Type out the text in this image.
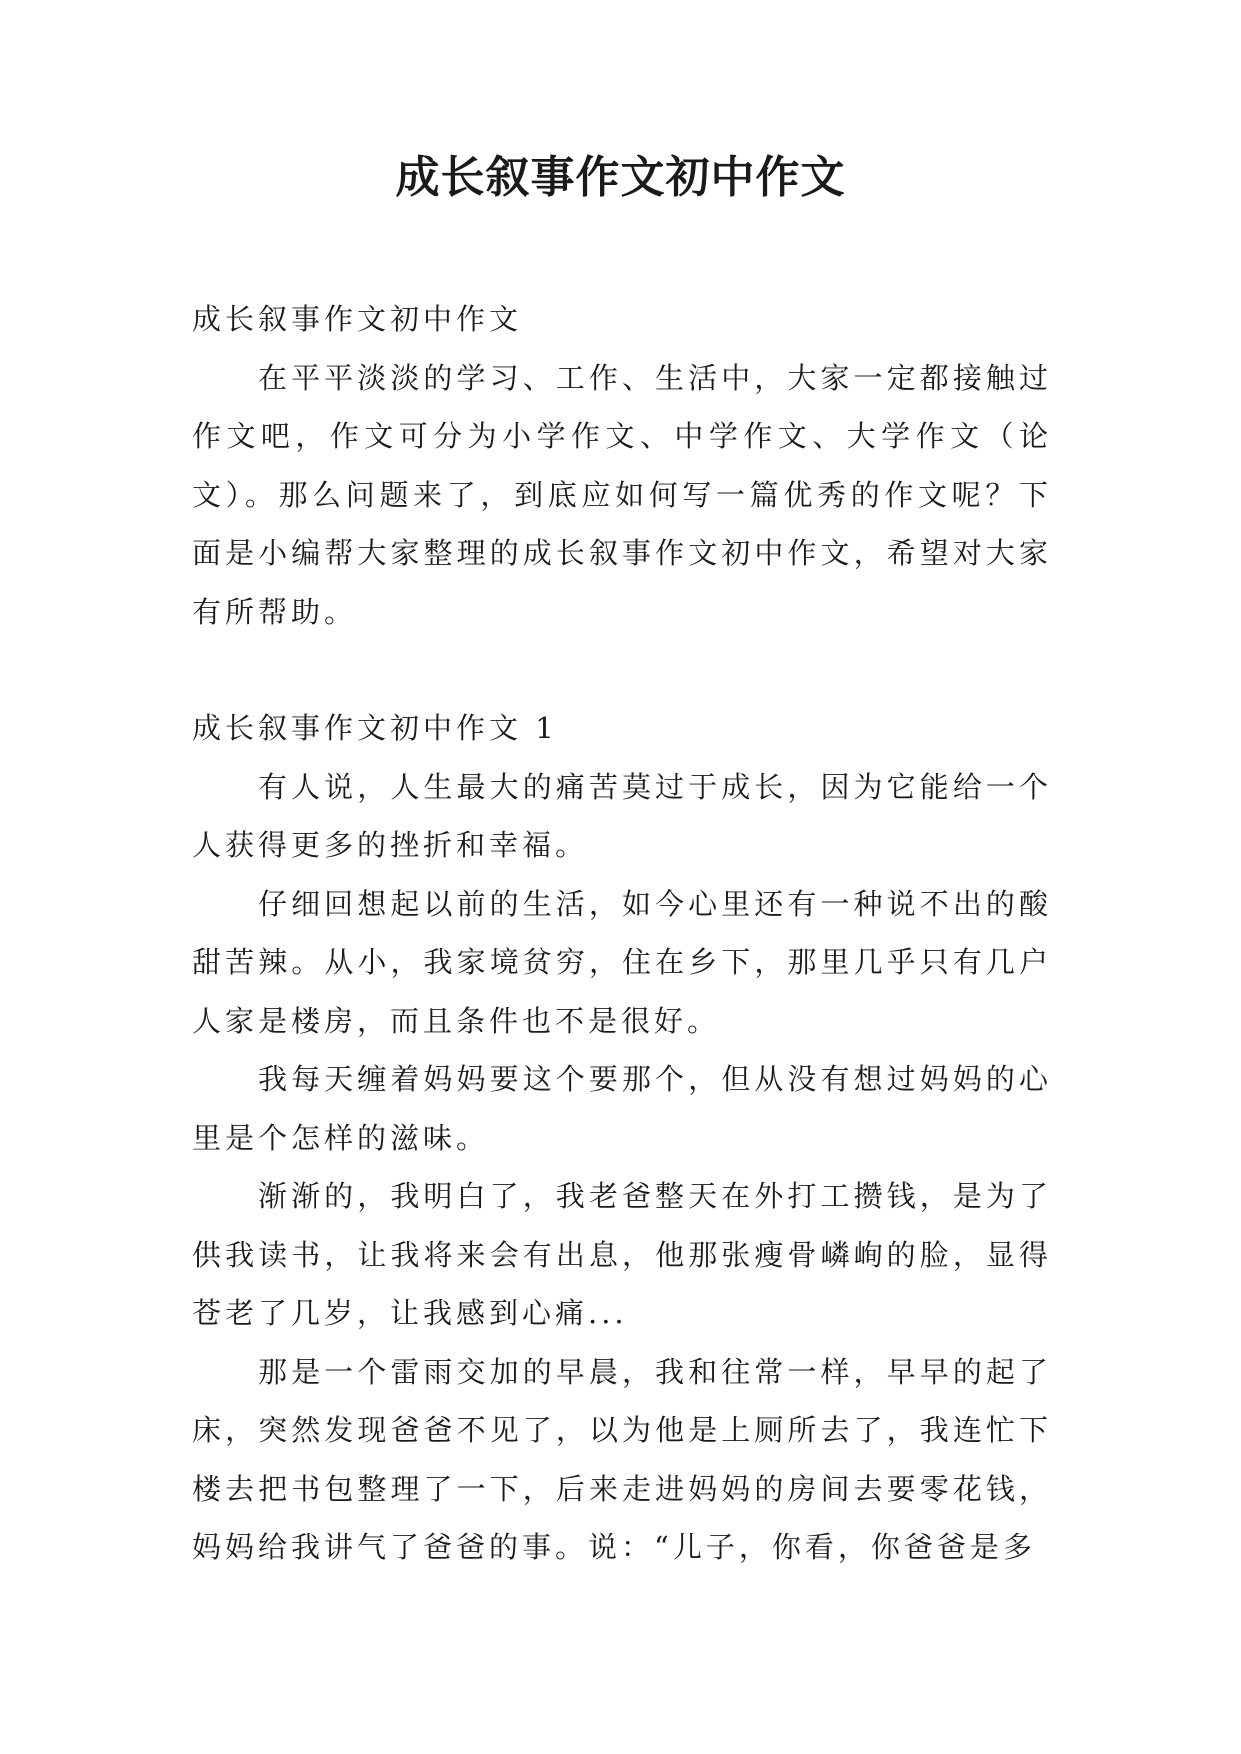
成长叙事作文初中作文

成长叙事作文初中作文

在平平淡淡的学习、工作、生活中，大家一定都接触过作文吧，作文可分为小学作文、中学作文、大学作文（论文）。那么问题来了，到底应如何写一篇优秀的作文呢？下面是小编帮大家整理的成长叙事作文初中作文，希望对大家有所帮助。

成长叙事作文初中作文 1

有人说，人生最大的痛苦莫过于成长，因为它能给一个人获得更多的挫折和幸福。

仔细回想起以前的生活，如今心里还有一种说不出的酸甜苦辣。从小，我家境贫穷，住在乡下，那里几乎只有几户人家是楼房，而且条件也不是很好。

我每天缠着妈妈要这个要那个，但从没有想过妈妈的心里是个怎样的滋味。

渐渐的，我明白了，我老爸整天在外打工攒钱，是为了供我读书，让我将来会有出息，他那张瘦骨嶙峋的脸，显得苍老了几岁，让我感到心痛...

那是一个雷雨交加的早晨，我和往常一样，早早的起了床，突然发现爸爸不见了，以为他是上厕所去了，我连忙下楼去把书包整理了一下，后来走进妈妈的房间去要零花钱，妈妈给我讲气了爸爸的事。说：“儿子，你看，你爸爸是多
